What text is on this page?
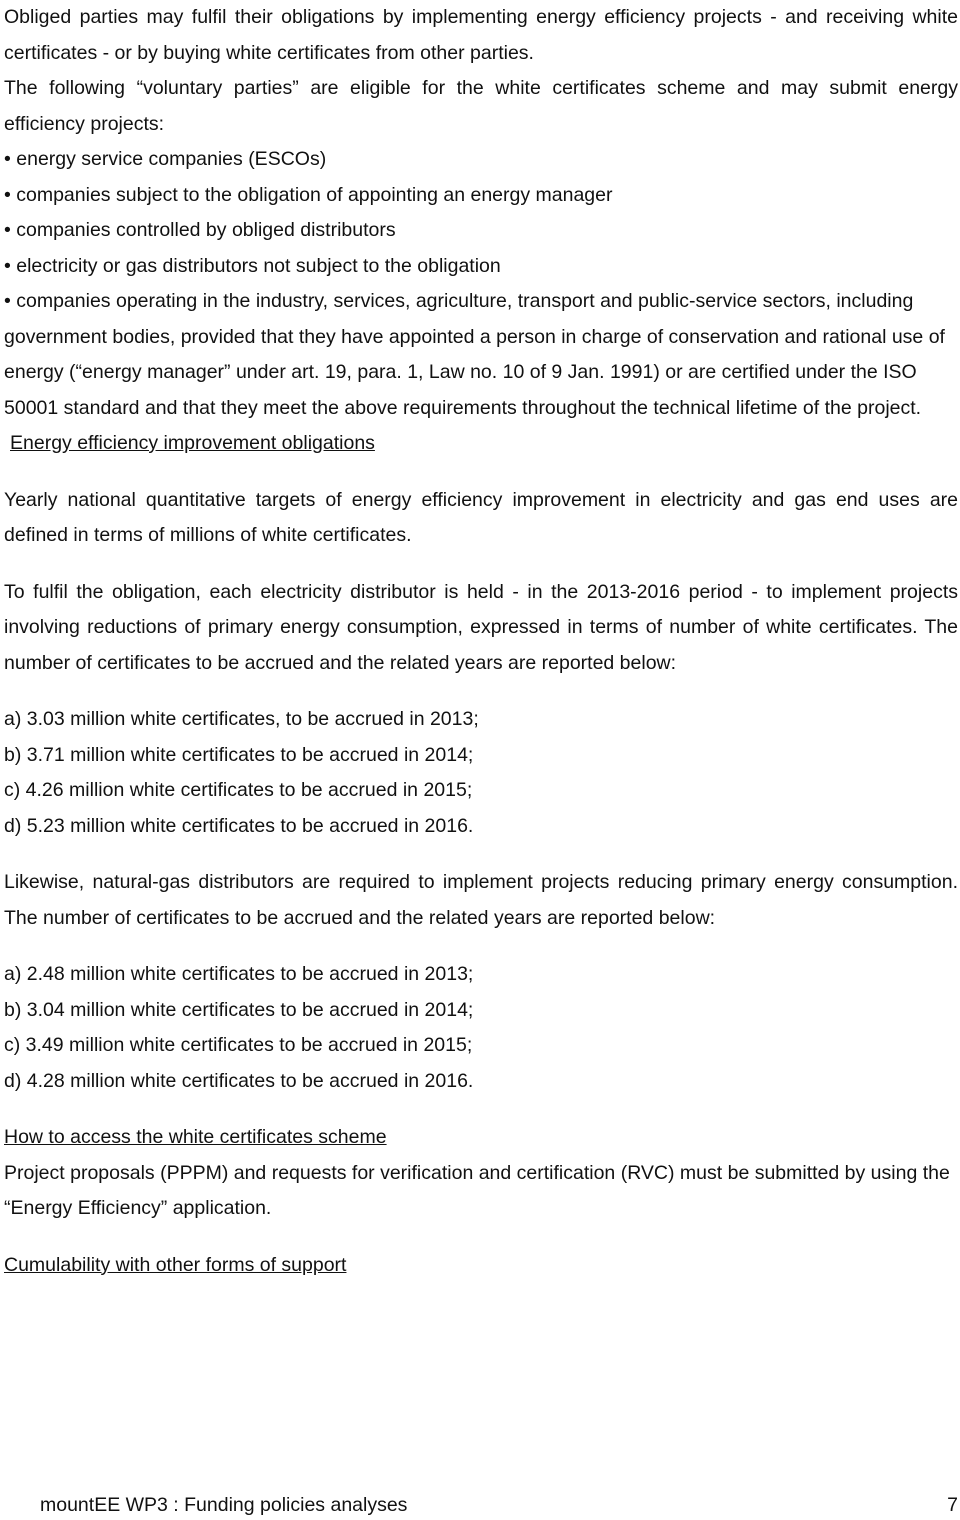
Obliged parties may fulfil their obligations by implementing energy efficiency projects - and receiving white certificates - or by buying white certificates from other parties.

The following “voluntary parties” are eligible for the white certificates scheme and may submit energy efficiency projects:

• energy service companies (ESCOs)
• companies subject to the obligation of appointing an energy manager
• companies controlled by obliged distributors
• electricity or gas distributors not subject to the obligation
• companies operating in the industry, services, agriculture, transport and public-service sectors, including government bodies, provided that they have appointed a person in charge of conservation and rational use of energy (“energy manager” under art. 19, para. 1, Law no. 10 of 9 Jan. 1991) or are certified under the ISO 50001 standard and that they meet the above requirements throughout the technical lifetime of the project.

Energy efficiency improvement obligations

Yearly national quantitative targets of energy efficiency improvement in electricity and gas end uses are defined in terms of millions of white certificates.

To fulfil the obligation, each electricity distributor is held - in the 2013-2016 period - to implement projects involving reductions of primary energy consumption, expressed in terms of number of white certificates. The number of certificates to be accrued and the related years are reported below:

a) 3.03 million white certificates, to be accrued in 2013;

b) 3.71 million white certificates to be accrued in 2014;

c) 4.26 million white certificates to be accrued in 2015;

d) 5.23 million white certificates to be accrued in 2016.

Likewise, natural-gas distributors are required to implement projects reducing primary energy consumption. The number of certificates to be accrued and the related years are reported below:

a) 2.48 million white certificates to be accrued in 2013;

b) 3.04 million white certificates to be accrued in 2014;

c) 3.49 million white certificates to be accrued in 2015;

d) 4.28 million white certificates to be accrued in 2016.

How to access the white certificates scheme

Project proposals (PPPM) and requests for verification and certification (RVC) must be submitted by using the “Energy Efficiency” application.

Cumulability with other forms of support

mountEE WP3 : Funding policies analyses	7
